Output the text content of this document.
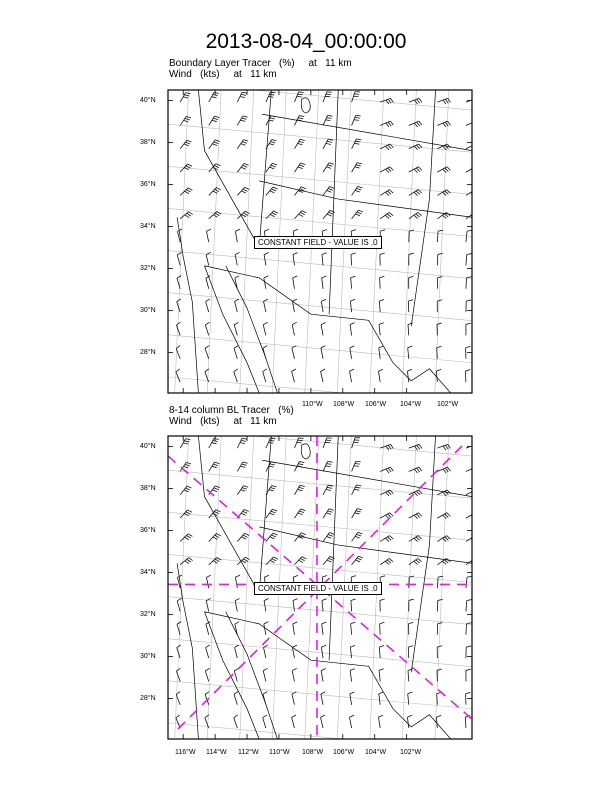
2013-08-04_00:00:00
Boundary Layer Tracer   (%)     at   11 km
Wind   (kts)     at   11 km
8-14 column BL Tracer   (%)
Wind   (kts)     at   11 km
CONSTANT FIELD - VALUE IS .0
CONSTANT FIELD - VALUE IS .0
40°N
38°N
36°N
34°N
32°N
30°N
28°N
110°W 108°W 106°W 104°W 102°W
40°N
38°N
36°N
34°N
32°N
30°N
28°N
116°W 114°W 112°W 110°W 108°W 106°W 104°W 102°W
